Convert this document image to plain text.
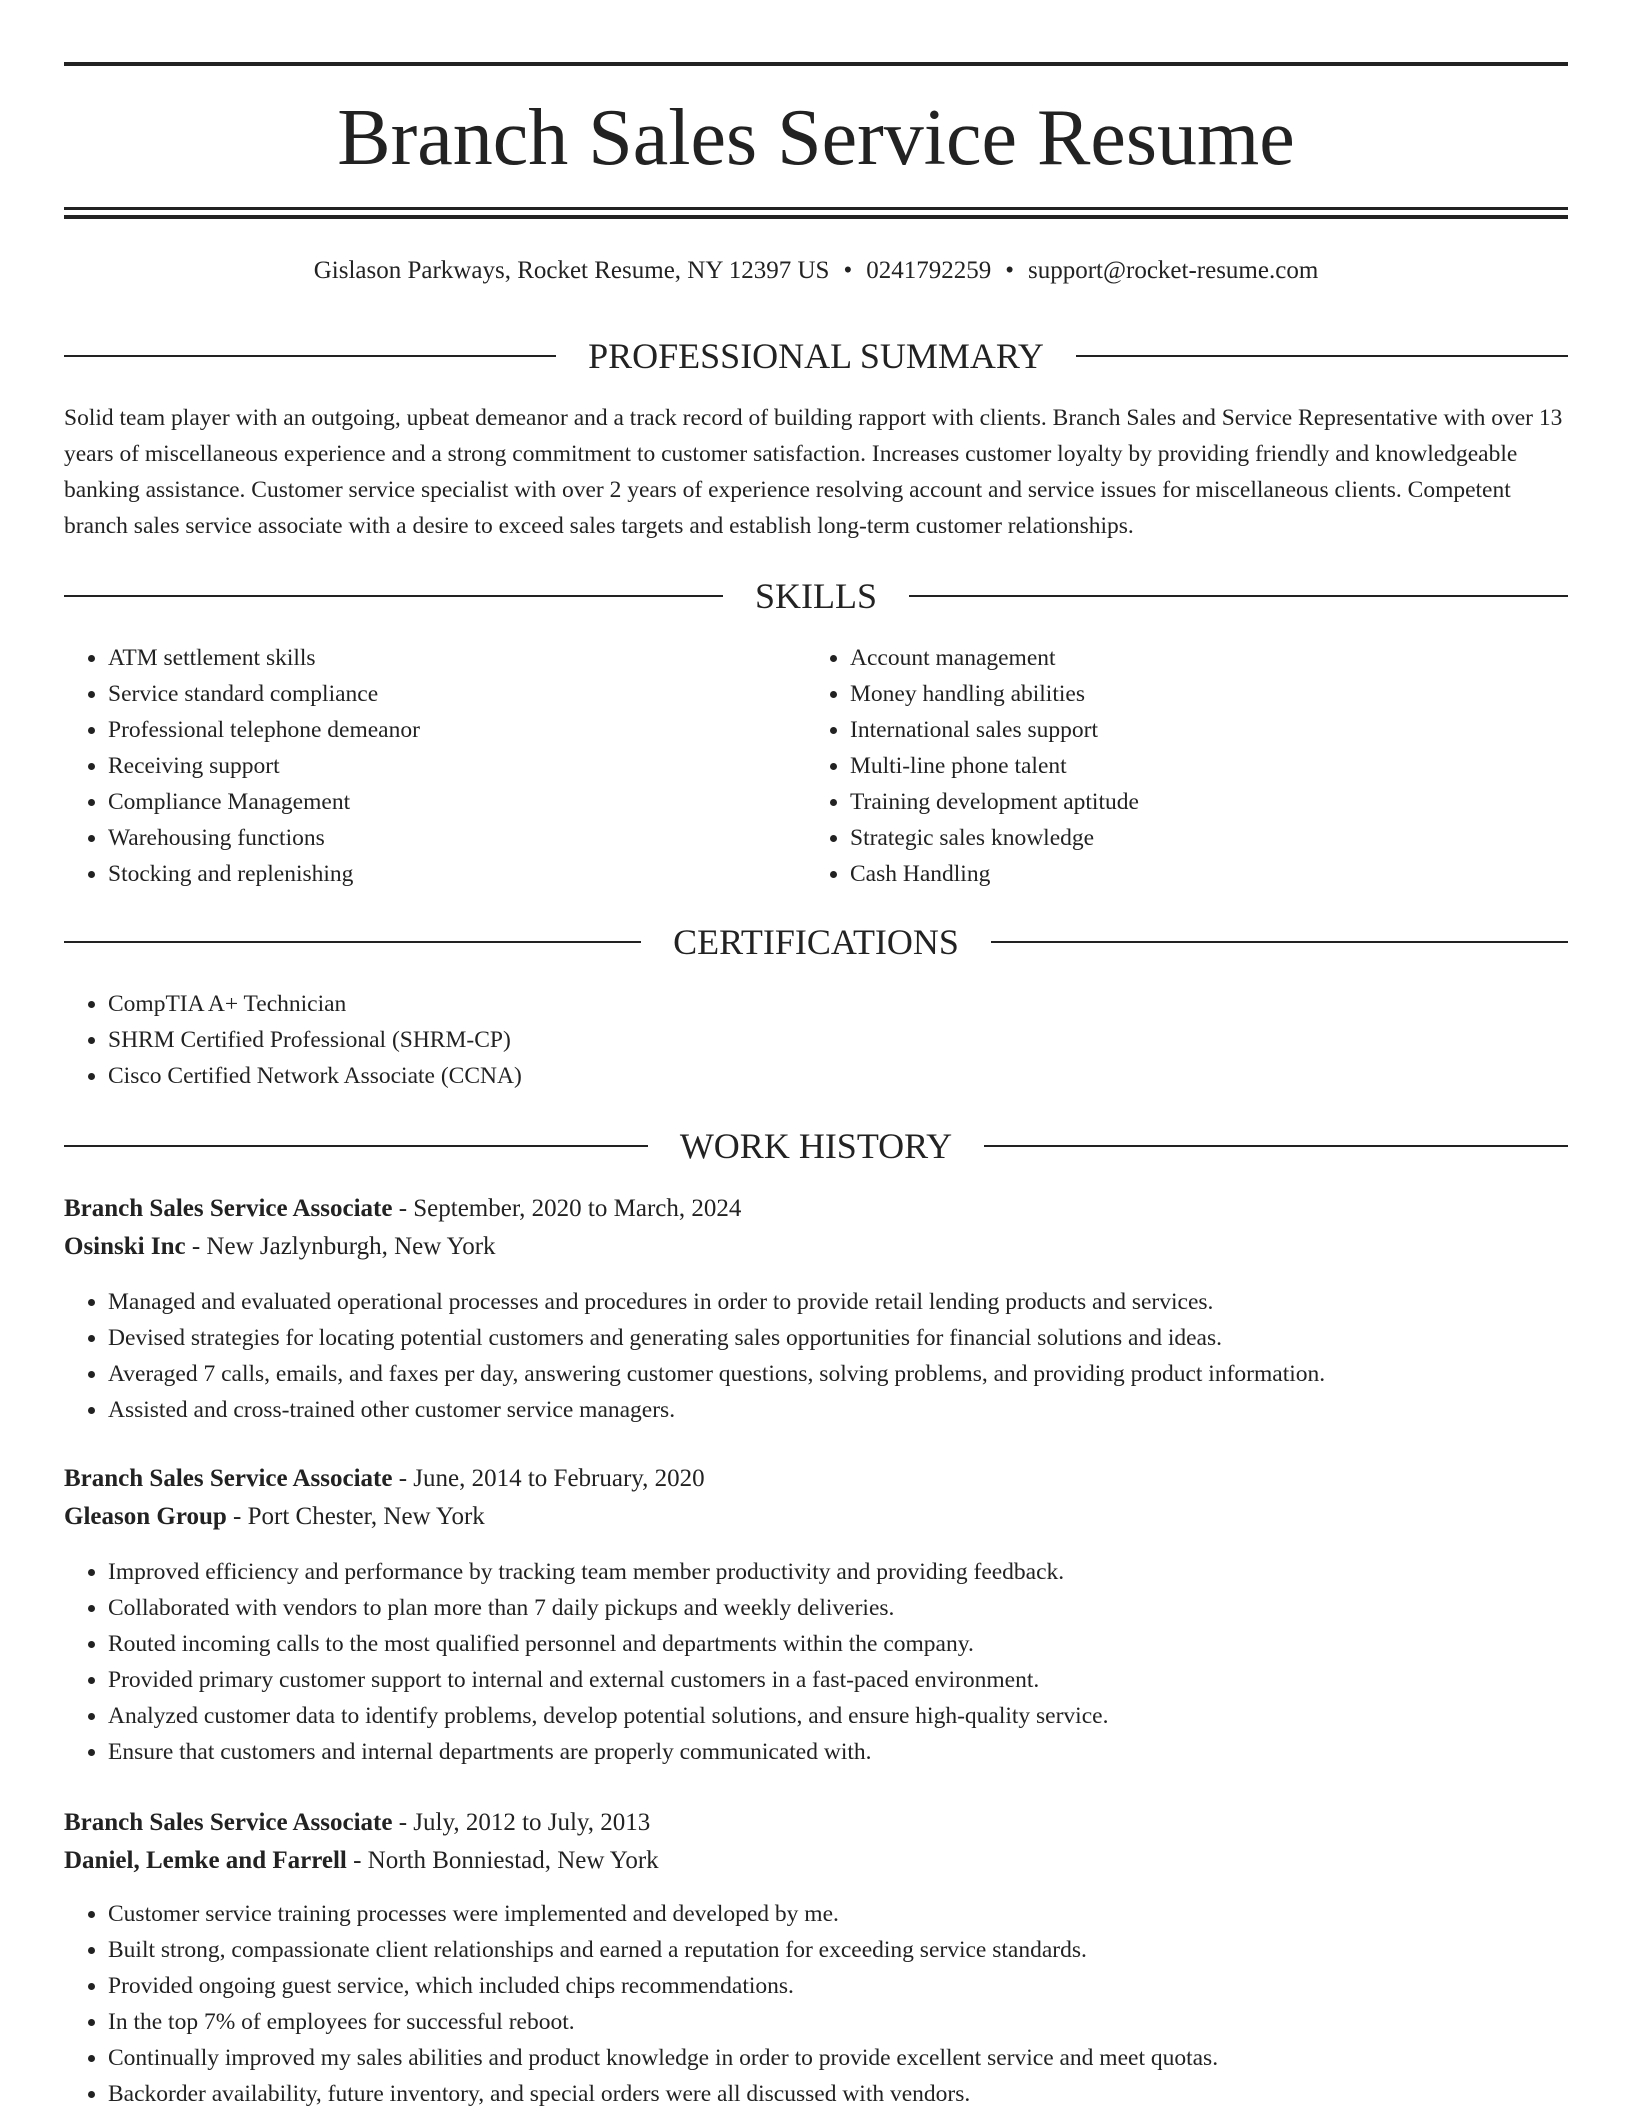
Branch Sales Service Resume
Gislason Parkways, Rocket Resume, NY 12397 US • 0241792259 • support@rocket-resume.com
PROFESSIONAL SUMMARY

Solid team player with an outgoing, upbeat demeanor and a track record of building rapport with clients. Branch Sales and Service Representative with over 13 years of miscellaneous experience and a strong commitment to customer satisfaction. Increases customer loyalty by providing friendly and knowledgeable banking assistance. Customer service specialist with over 2 years of experience resolving account and service issues for miscellaneous clients. Competent branch sales service associate with a desire to exceed sales targets and establish long-term customer relationships.

SKILLS
• ATM settlement skills
• Service standard compliance
• Professional telephone demeanor
• Receiving support
• Compliance Management
• Warehousing functions
• Stocking and replenishing
• Account management
• Money handling abilities
• International sales support
• Multi-line phone talent
• Training development aptitude
• Strategic sales knowledge
• Cash Handling
CERTIFICATIONS
• CompTIA A+ Technician
• SHRM Certified Professional (SHRM-CP)
• Cisco Certified Network Associate (CCNA)
WORK HISTORY
Branch Sales Service Associate - September, 2020 to March, 2024
Osinski Inc - New Jazlynburgh, New York
• Managed and evaluated operational processes and procedures in order to provide retail lending products and services.
• Devised strategies for locating potential customers and generating sales opportunities for financial solutions and ideas.
• Averaged 7 calls, emails, and faxes per day, answering customer questions, solving problems, and providing product information.
• Assisted and cross-trained other customer service managers.
Branch Sales Service Associate - June, 2014 to February, 2020
Gleason Group - Port Chester, New York
• Improved efficiency and performance by tracking team member productivity and providing feedback.
• Collaborated with vendors to plan more than 7 daily pickups and weekly deliveries.
• Routed incoming calls to the most qualified personnel and departments within the company.
• Provided primary customer support to internal and external customers in a fast-paced environment.
• Analyzed customer data to identify problems, develop potential solutions, and ensure high-quality service.
• Ensure that customers and internal departments are properly communicated with.
Branch Sales Service Associate - July, 2012 to July, 2013
Daniel, Lemke and Farrell - North Bonniestad, New York
• Customer service training processes were implemented and developed by me.
• Built strong, compassionate client relationships and earned a reputation for exceeding service standards.
• Provided ongoing guest service, which included chips recommendations.
• In the top 7% of employees for successful reboot.
• Continually improved my sales abilities and product knowledge in order to provide excellent service and meet quotas.
• Backorder availability, future inventory, and special orders were all discussed with vendors.
